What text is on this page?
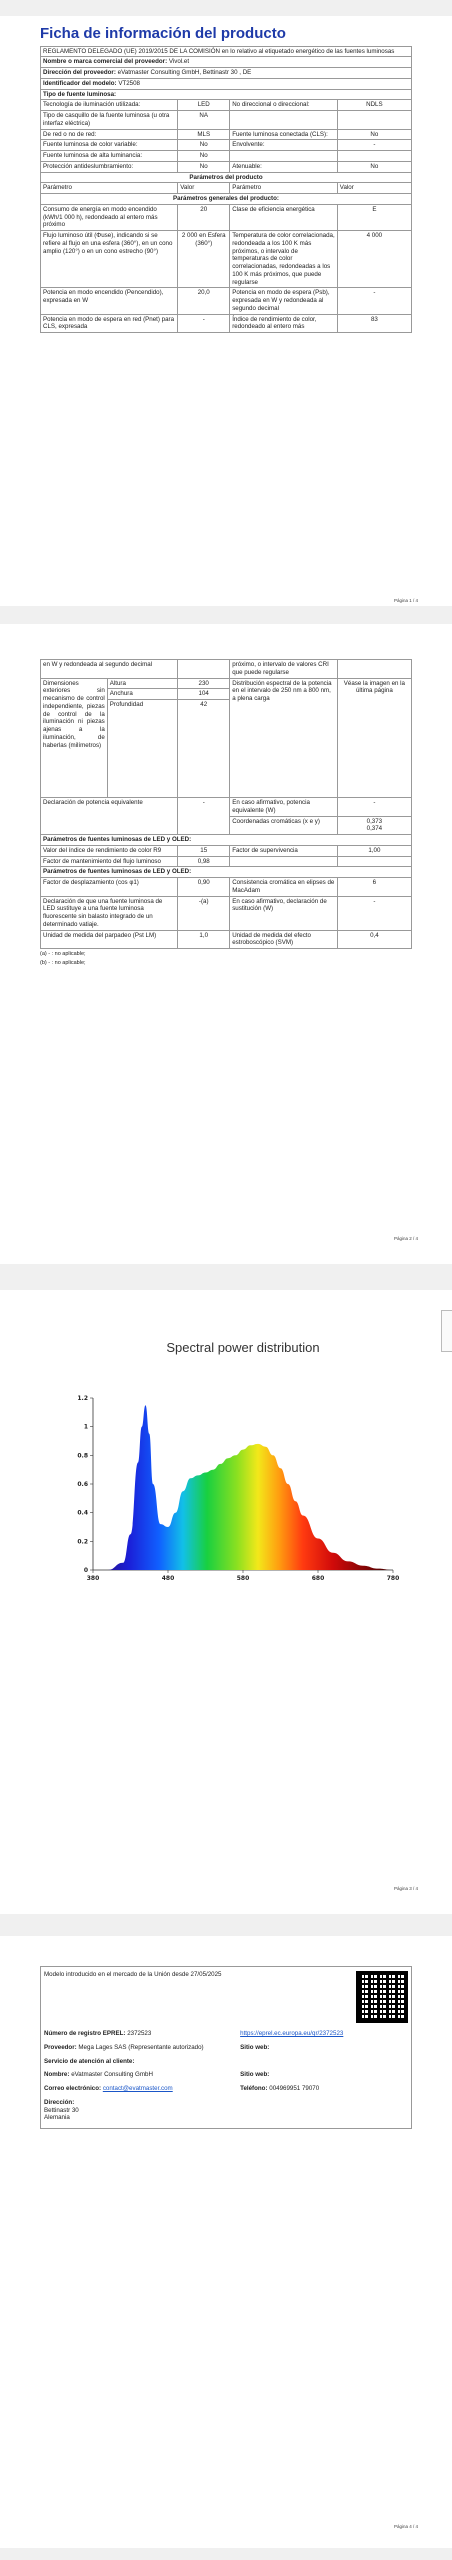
Ficha de información del producto
REGLAMENTO DELEGADO (UE) 2019/2015 DE LA COMISIÓN en lo relativo al etiquetado energético de las fuentes luminosas			
Nombre o marca comercial del proveedor: Vivol.et			
Dirección del proveedor: eVatmaster Consulting GmbH, Bettinastr 30 , DE			
Identificador del modelo: VT2508			
Tipo de fuente luminosa:			
Tecnología de iluminación utilizada:	LED	No direccional o direccional:	NDLS
Tipo de casquillo de la fuente luminosa (u otra interfaz eléctrica)	NA		
De red o no de red:	MLS	Fuente luminosa conectada (CLS):	No
Fuente luminosa de color variable:	No	Envolvente:	-
Fuente luminosa de alta luminancia:	No		
Protección antideslumbramiento:	No	Atenuable:	No
Parámetros del producto			
Parámetro	Valor	Parámetro	Valor
Parámetros generales del producto:			
Consumo de energía en modo encendido (kWh/1 000 h), redondeado al entero más próximo	20	Clase de eficiencia energética	E
Flujo luminoso útil (Φuse), indicando si se refiere al flujo en una esfera (360°), en un cono amplio (120°) o en un cono estrecho (90°)	2 000 en Esfera (360°)	Temperatura de color correlacionada, redondeada a los 100 K más próximos, o intervalo de temperaturas de color correlacionadas, redondeadas a los 100 K más próximos, que puede regularse	4 000
Potencia en modo encendido (Pencendido), expresada en W	20,0	Potencia en modo de espera (Psb), expresada en W y redondeada al segundo decimal	-
Potencia en modo de espera en red (Pnet) para CLS, expresada	-	Índice de rendimiento de color, redondeado al entero más	83
Página 1 / 4
en W y redondeada al segundo decimal			próximo, o intervalo de valores CRI que puede regularse	
Dimensiones exteriores sin mecanismo de control independiente, piezas de control de la iluminación ni piezas ajenas a la iluminación, de haberlas (milímetros)	Altura	230	Distribución espectral de la potencia en el intervalo de 250 nm a 800 nm, a plena carga	Véase la imagen en la última página
	Anchura	104		
	Profundidad	42		
Declaración de potencia equivalente		-	En caso afirmativo, potencia equivalente (W)	-
			Coordenadas cromáticas (x e y)	0,373
0,374
Parámetros de fuentes luminosas de LED y OLED:				
Valor del índice de rendimiento de color R9		15	Factor de supervivencia	1,00
Factor de mantenimiento del flujo luminoso		0,98		
Parámetros de fuentes luminosas de LED y OLED:				
Factor de desplazamiento (cos φ1)		0,90	Consistencia cromática en elipses de MacAdam	6
Declaración de que una fuente luminosa de LED sustituye a una fuente luminosa fluorescente sin balasto integrado de un determinado vatiaje.		-(a)	En caso afirmativo, declaración de sustitución (W)	-
Unidad de medida del parpadeo (Pst LM)		1,0	Unidad de medida del efecto estroboscópico (SVM)	0,4
(a) - : no aplicable;
(b) - : no aplicable;
Página 2 / 4
Spectral power distribution
0
0.2
0.4
0.6
0.8
1
1.2
380	480	580	680	780
Página 3 / 4
Modelo introducido en el mercado de la Unión desde 27/05/2025	

Número de registro EPREL: 2372523	https://eprel.ec.europa.eu/qr/2372523
Proveedor: Mega Lages SAS (Representante autorizado)	Sitio web:
Servicio de atención al cliente:	
Nombre: eVatmaster Consulting GmbH	Sitio web:
Correo electrónico: contact@evatmaster.com	Teléfono: 004969951 79070

Dirección:
Bettinastr 30
Alemania	
Página 4 / 4
